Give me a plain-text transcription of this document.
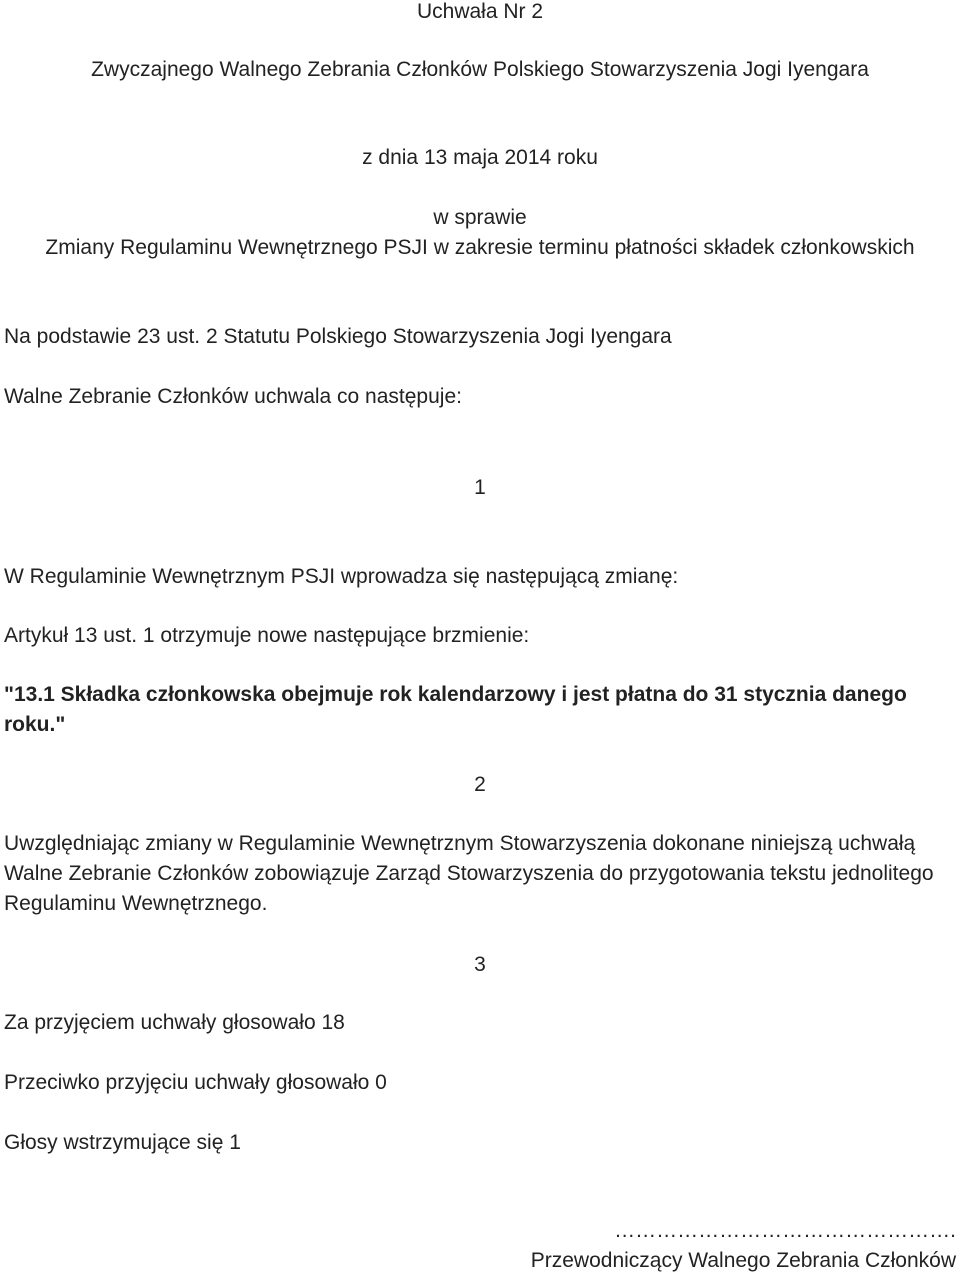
Uchwała Nr 2

Zwyczajnego Walnego Zebrania Członków Polskiego Stowarzyszenia Jogi Iyengara

z dnia 13 maja 2014 roku

w sprawie

Zmiany Regulaminu Wewnętrznego PSJI w zakresie terminu płatności składek członkowskich

Na podstawie 23 ust. 2 Statutu Polskiego Stowarzyszenia Jogi Iyengara

Walne Zebranie Członków uchwala co następuje:

1

W Regulaminie Wewnętrznym PSJI wprowadza się następującą zmianę:

Artykuł 13 ust. 1 otrzymuje nowe następujące brzmienie:

"13.1 Składka członkowska obejmuje rok kalendarzowy i jest płatna do 31 stycznia danego roku."

2

Uwzględniając zmiany w Regulaminie Wewnętrznym Stowarzyszenia dokonane niniejszą uchwałą Walne Zebranie Członków zobowiązuje Zarząd Stowarzyszenia do przygotowania tekstu jednolitego Regulaminu Wewnętrznego.

3

Za przyjęciem uchwały głosowało 18

Przeciwko przyjęciu uchwały głosowało 0

Głosy wstrzymujące się 1

………………………………………….

Przewodniczący Walnego Zebrania Członków
